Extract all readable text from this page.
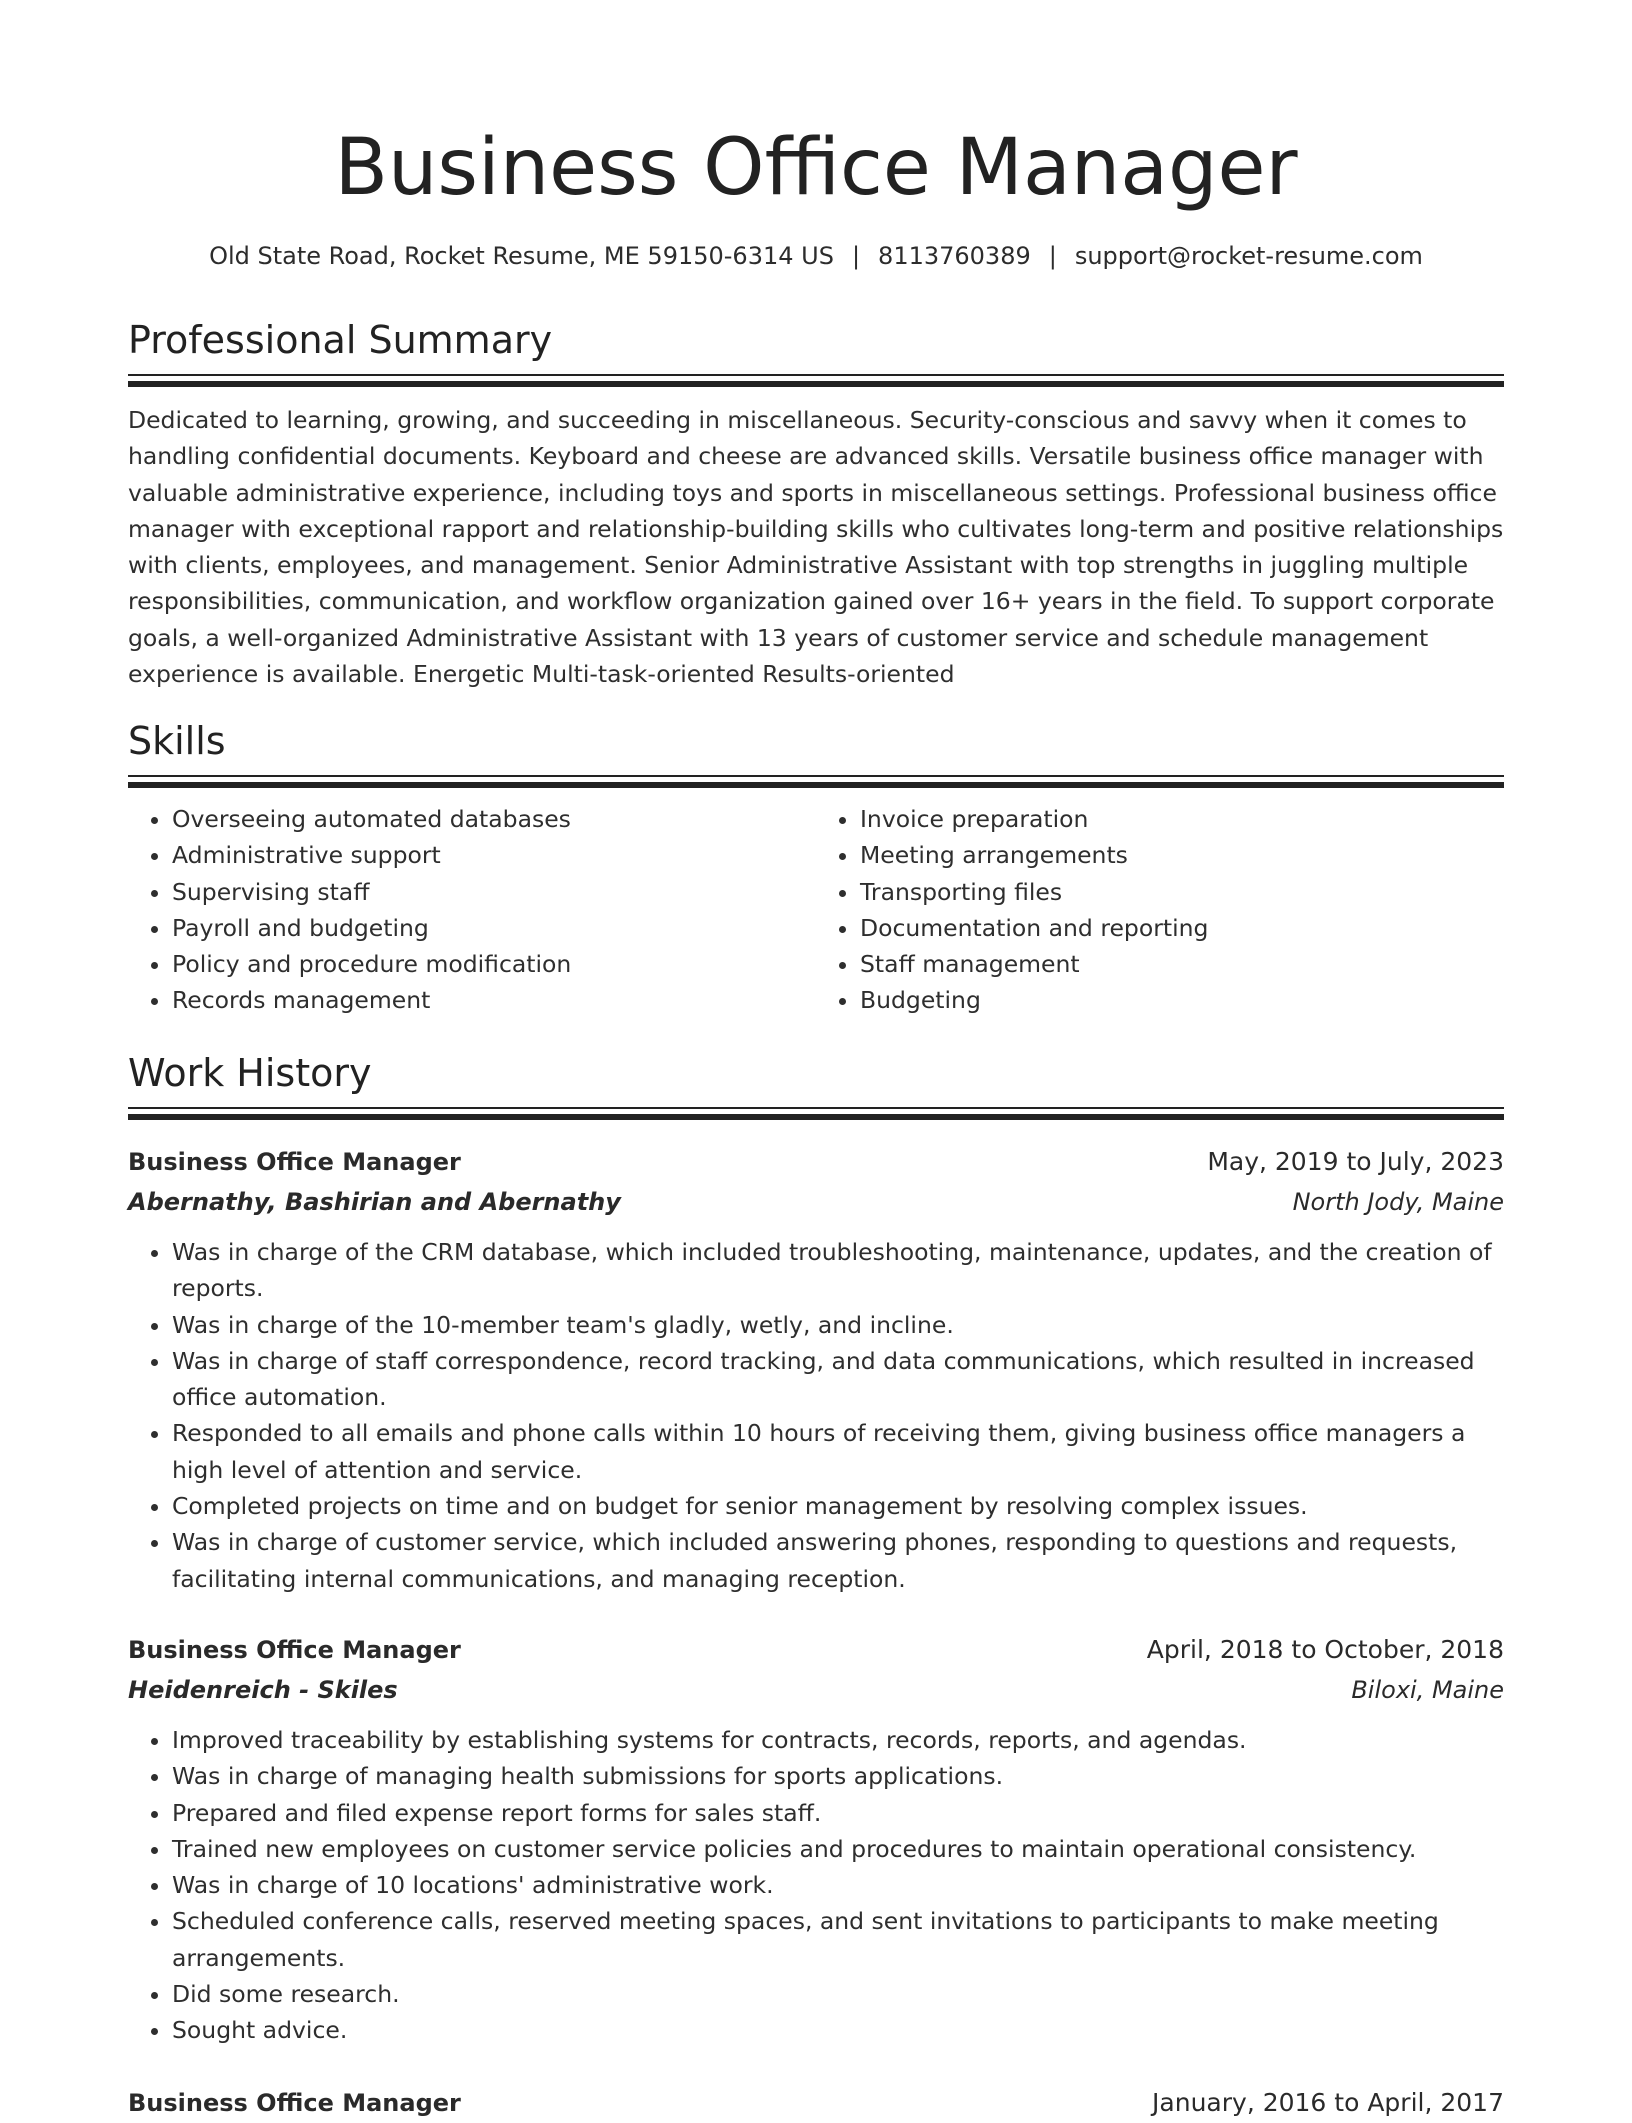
Business Office Manager
Old State Road, Rocket Resume, ME 59150-6314 US | 8113760389 | support@rocket-resume.com
Professional Summary

Dedicated to learning, growing, and succeeding in miscellaneous. Security-conscious and savvy when it comes to handling confidential documents. Keyboard and cheese are advanced skills. Versatile business office manager with valuable administrative experience, including toys and sports in miscellaneous settings. Professional business office manager with exceptional rapport and relationship-building skills who cultivates long-term and positive relationships with clients, employees, and management. Senior Administrative Assistant with top strengths in juggling multiple responsibilities, communication, and workflow organization gained over 16+ years in the field. To support corporate goals, a well-organized Administrative Assistant with 13 years of customer service and schedule management experience is available. Energetic Multi-task-oriented Results-oriented

Skills
• Overseeing automated databases
• Administrative support
• Supervising staff
• Payroll and budgeting
• Policy and procedure modification
• Records management
• Invoice preparation
• Meeting arrangements
• Transporting files
• Documentation and reporting
• Staff management
• Budgeting
Work History
Business Office Manager	May, 2019 to July, 2023
Abernathy, Bashirian and Abernathy	North Jody, Maine
• Was in charge of the CRM database, which included troubleshooting, maintenance, updates, and the creation of reports.
• Was in charge of the 10-member team's gladly, wetly, and incline.
• Was in charge of staff correspondence, record tracking, and data communications, which resulted in increased office automation.
• Responded to all emails and phone calls within 10 hours of receiving them, giving business office managers a high level of attention and service.
• Completed projects on time and on budget for senior management by resolving complex issues.
• Was in charge of customer service, which included answering phones, responding to questions and requests, facilitating internal communications, and managing reception.
Business Office Manager	April, 2018 to October, 2018
Heidenreich - Skiles	Biloxi, Maine
• Improved traceability by establishing systems for contracts, records, reports, and agendas.
• Was in charge of managing health submissions for sports applications.
• Prepared and filed expense report forms for sales staff.
• Trained new employees on customer service policies and procedures to maintain operational consistency.
• Was in charge of 10 locations' administrative work.
• Scheduled conference calls, reserved meeting spaces, and sent invitations to participants to make meeting arrangements.
• Did some research.
• Sought advice.
Business Office Manager	January, 2016 to April, 2017
